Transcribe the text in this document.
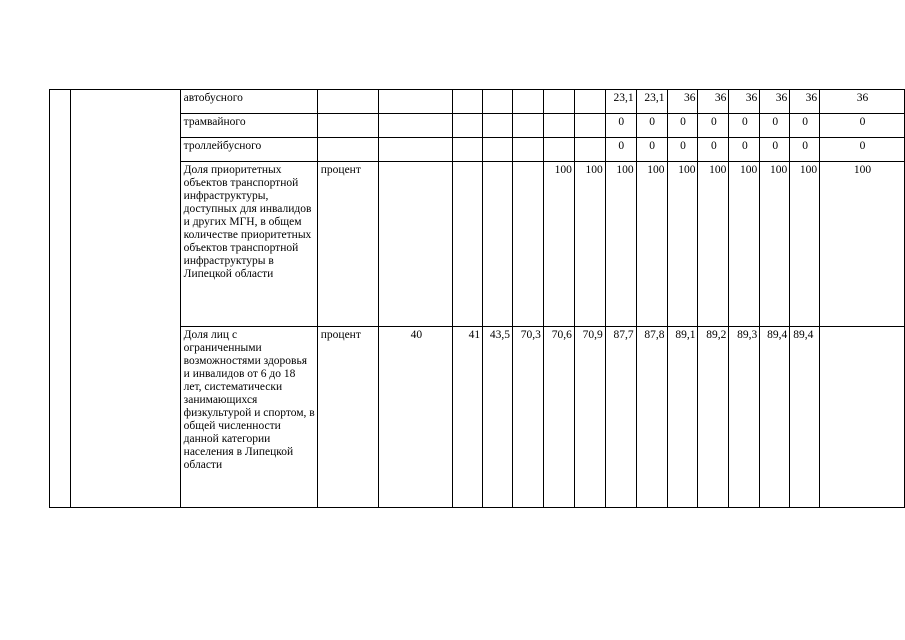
		автобусного								23,1	23,1	36	36	36	36	36	36
		трамвайного								0	0	0	0	0	0	0	0
		троллейбусного								0	0	0	0	0	0	0	0
		Доля приоритетных объектов транспортной инфраструктуры, доступных для инвалидов и других МГН, в общем количестве приоритетных объектов транспортной инфраструктуры в Липецкой области	процент					100	100	100	100	100	100	100	100	100	100
		Доля лиц с ограниченными возможностями здоровья и инвалидов от 6 до 18 лет, систематически занимающихся физкультурой и спортом, в общей численности данной категории населения в Липецкой области	процент	40	41	43,5	70,3	70,6	70,9	87,7	87,8	89,1	89,2	89,3	89,4	89,4	
